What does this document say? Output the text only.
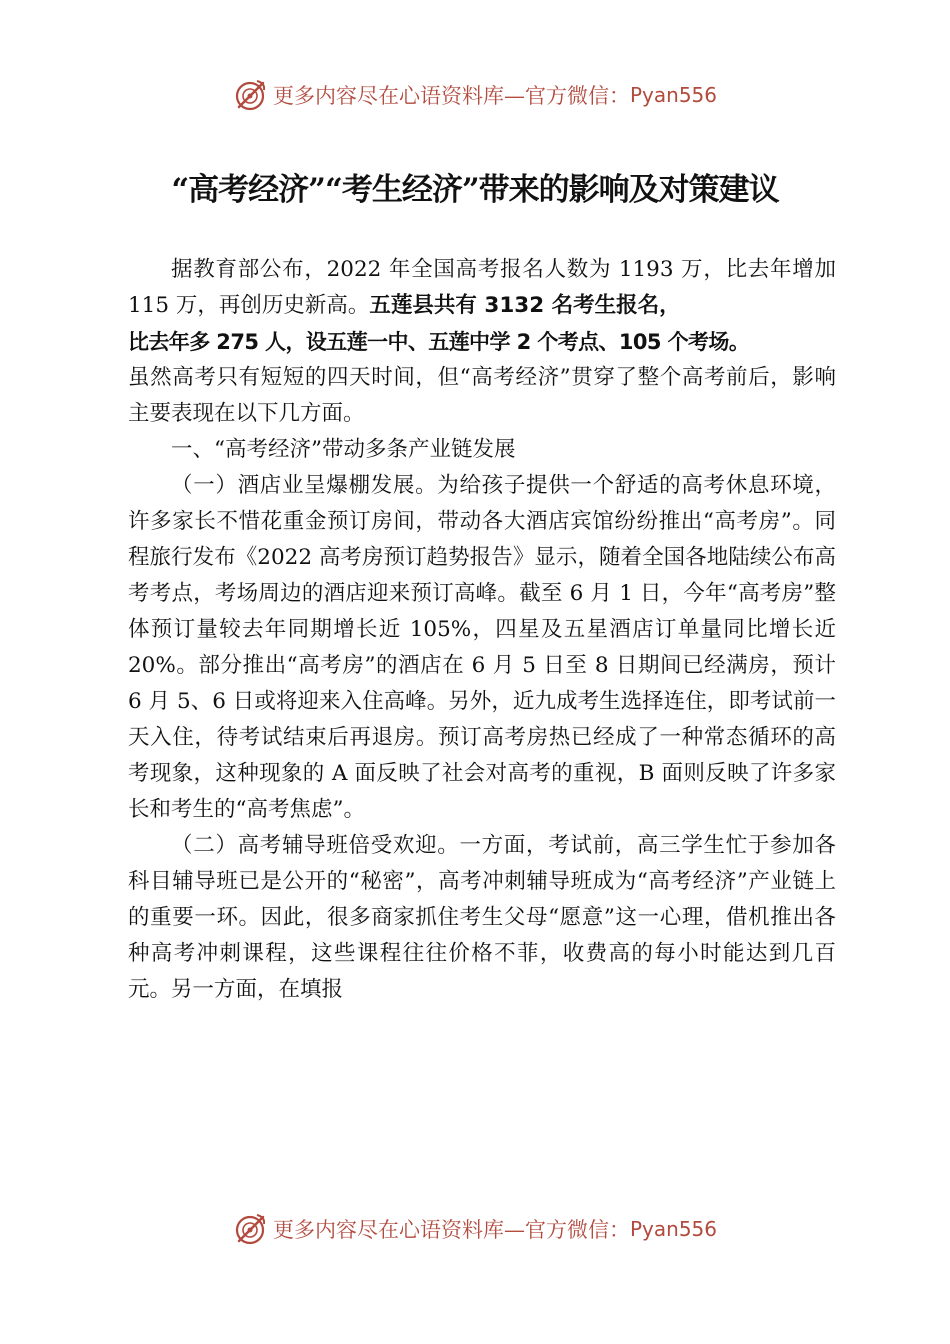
更多内容尽在心语资料库—官方微信： Pyan556
“高考经济”“考生经济”带来的影响及对策建议

据教育部公布，2022 年全国高考报名人数为 1193 万，比去年增加 115 万，再创历史新高。五莲县共有 3132 名考生报名，

比去年多 275 人，设五莲一中、五莲中学 2 个考点、105 个考场。

虽然高考只有短短的四天时间，但“高考经济”贯穿了整个高考前后，影响主要表现在以下几方面。

一、“高考经济”带动多条产业链发展

（一）酒店业呈爆棚发展。为给孩子提供一个舒适的高考休息环境，许多家长不惜花重金预订房间，带动各大酒店宾馆纷纷推出“高考房”。同程旅行发布《2022 高考房预订趋势报告》显示，随着全国各地陆续公布高考考点，考场周边的酒店迎来预订高峰。截至 6 月 1 日，今年“高考房”整体预订量较去年同期增长近 105%，四星及五星酒店订单量同比增长近 20%。部分推出“高考房”的酒店在 6 月 5 日至 8 日期间已经满房，预计 6 月 5、6 日或将迎来入住高峰。另外，近九成考生选择连住，即考试前一天入住，待考试结束后再退房。预订高考房热已经成了一种常态循环的高考现象，这种现象的 A 面反映了社会对高考的重视，B 面则反映了许多家长和考生的“高考焦虑”。

（二）高考辅导班倍受欢迎。一方面，考试前，高三学生忙于参加各科目辅导班已是公开的“秘密”，高考冲刺辅导班成为“高考经济”产业链上的重要一环。因此，很多商家抓住考生父母“愿意”这一心理，借机推出各种高考冲刺课程，这些课程往往价格不菲，收费高的每小时能达到几百元。另一方面，在填报

更多内容尽在心语资料库—官方微信： Pyan556
